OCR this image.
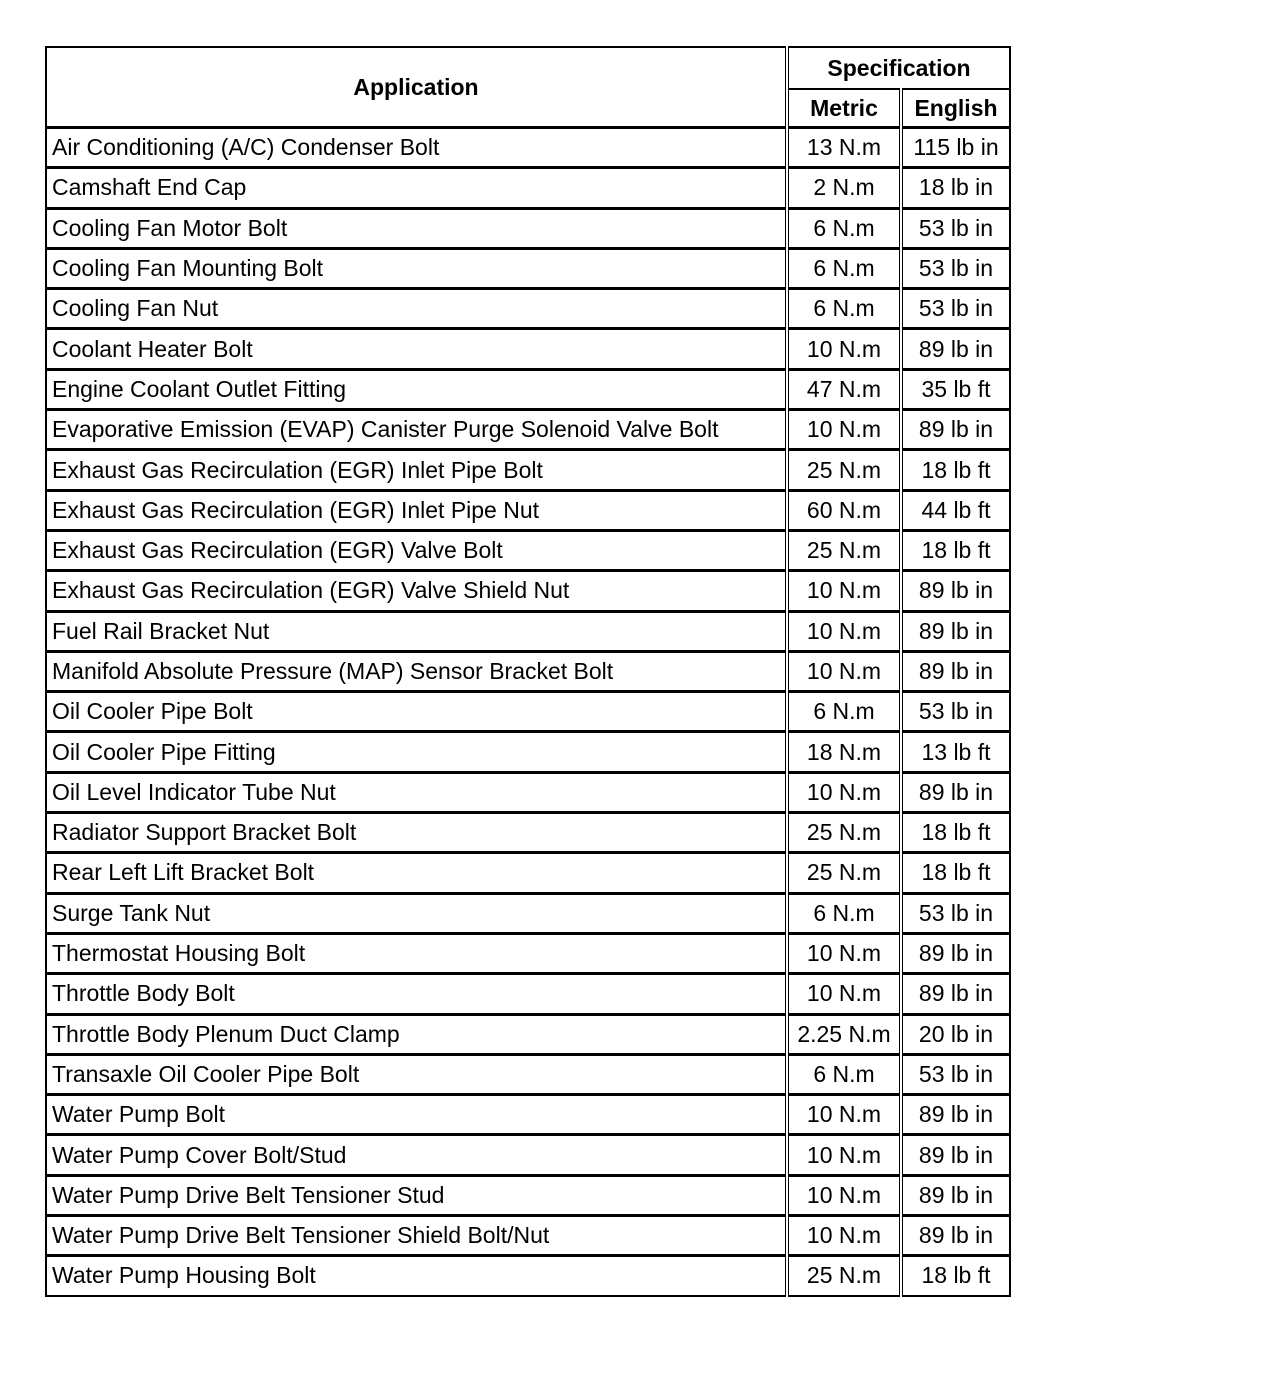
Application	Specification	
	Metric	English
Air Conditioning (A/C) Condenser Bolt	13 N.m	115 lb in
Camshaft End Cap	2 N.m	18 lb in
Cooling Fan Motor Bolt	6 N.m	53 lb in
Cooling Fan Mounting Bolt	6 N.m	53 lb in
Cooling Fan Nut	6 N.m	53 lb in
Coolant Heater Bolt	10 N.m	89 lb in
Engine Coolant Outlet Fitting	47 N.m	35 lb ft
Evaporative Emission (EVAP) Canister Purge Solenoid Valve Bolt	10 N.m	89 lb in
Exhaust Gas Recirculation (EGR) Inlet Pipe Bolt	25 N.m	18 lb ft
Exhaust Gas Recirculation (EGR) Inlet Pipe Nut	60 N.m	44 lb ft
Exhaust Gas Recirculation (EGR) Valve Bolt	25 N.m	18 lb ft
Exhaust Gas Recirculation (EGR) Valve Shield Nut	10 N.m	89 lb in
Fuel Rail Bracket Nut	10 N.m	89 lb in
Manifold Absolute Pressure (MAP) Sensor Bracket Bolt	10 N.m	89 lb in
Oil Cooler Pipe Bolt	6 N.m	53 lb in
Oil Cooler Pipe Fitting	18 N.m	13 lb ft
Oil Level Indicator Tube Nut	10 N.m	89 lb in
Radiator Support Bracket Bolt	25 N.m	18 lb ft
Rear Left Lift Bracket Bolt	25 N.m	18 lb ft
Surge Tank Nut	6 N.m	53 lb in
Thermostat Housing Bolt	10 N.m	89 lb in
Throttle Body Bolt	10 N.m	89 lb in
Throttle Body Plenum Duct Clamp	2.25 N.m	20 lb in
Transaxle Oil Cooler Pipe Bolt	6 N.m	53 lb in
Water Pump Bolt	10 N.m	89 lb in
Water Pump Cover Bolt/Stud	10 N.m	89 lb in
Water Pump Drive Belt Tensioner Stud	10 N.m	89 lb in
Water Pump Drive Belt Tensioner Shield Bolt/Nut	10 N.m	89 lb in
Water Pump Housing Bolt	25 N.m	18 lb ft
